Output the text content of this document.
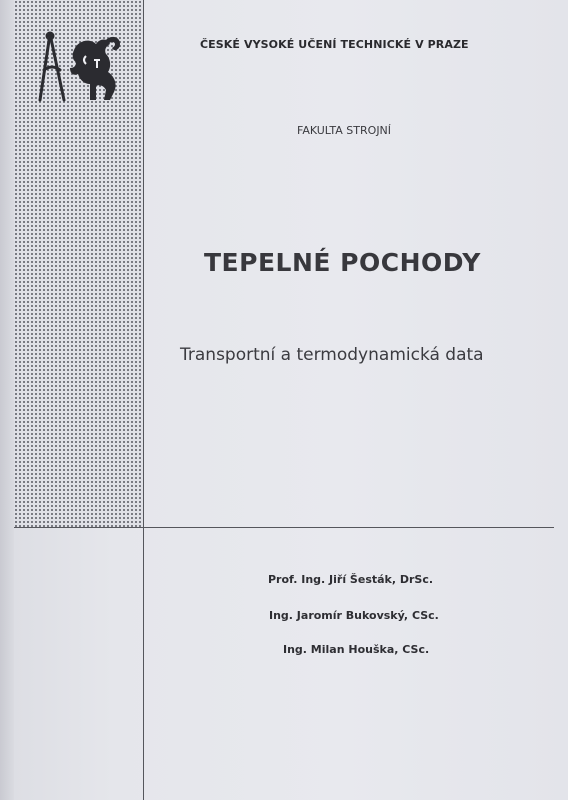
ČESKÉ VYSOKÉ UČENÍ TECHNICKÉ V PRAZE
FAKULTA STROJNÍ
TEPELNÉ POCHODY
Transportní a termodynamická data
Prof. Ing. Jiří Šesták, DrSc.
Ing. Jaromír Bukovský, CSc.
Ing. Milan Houška, CSc.
